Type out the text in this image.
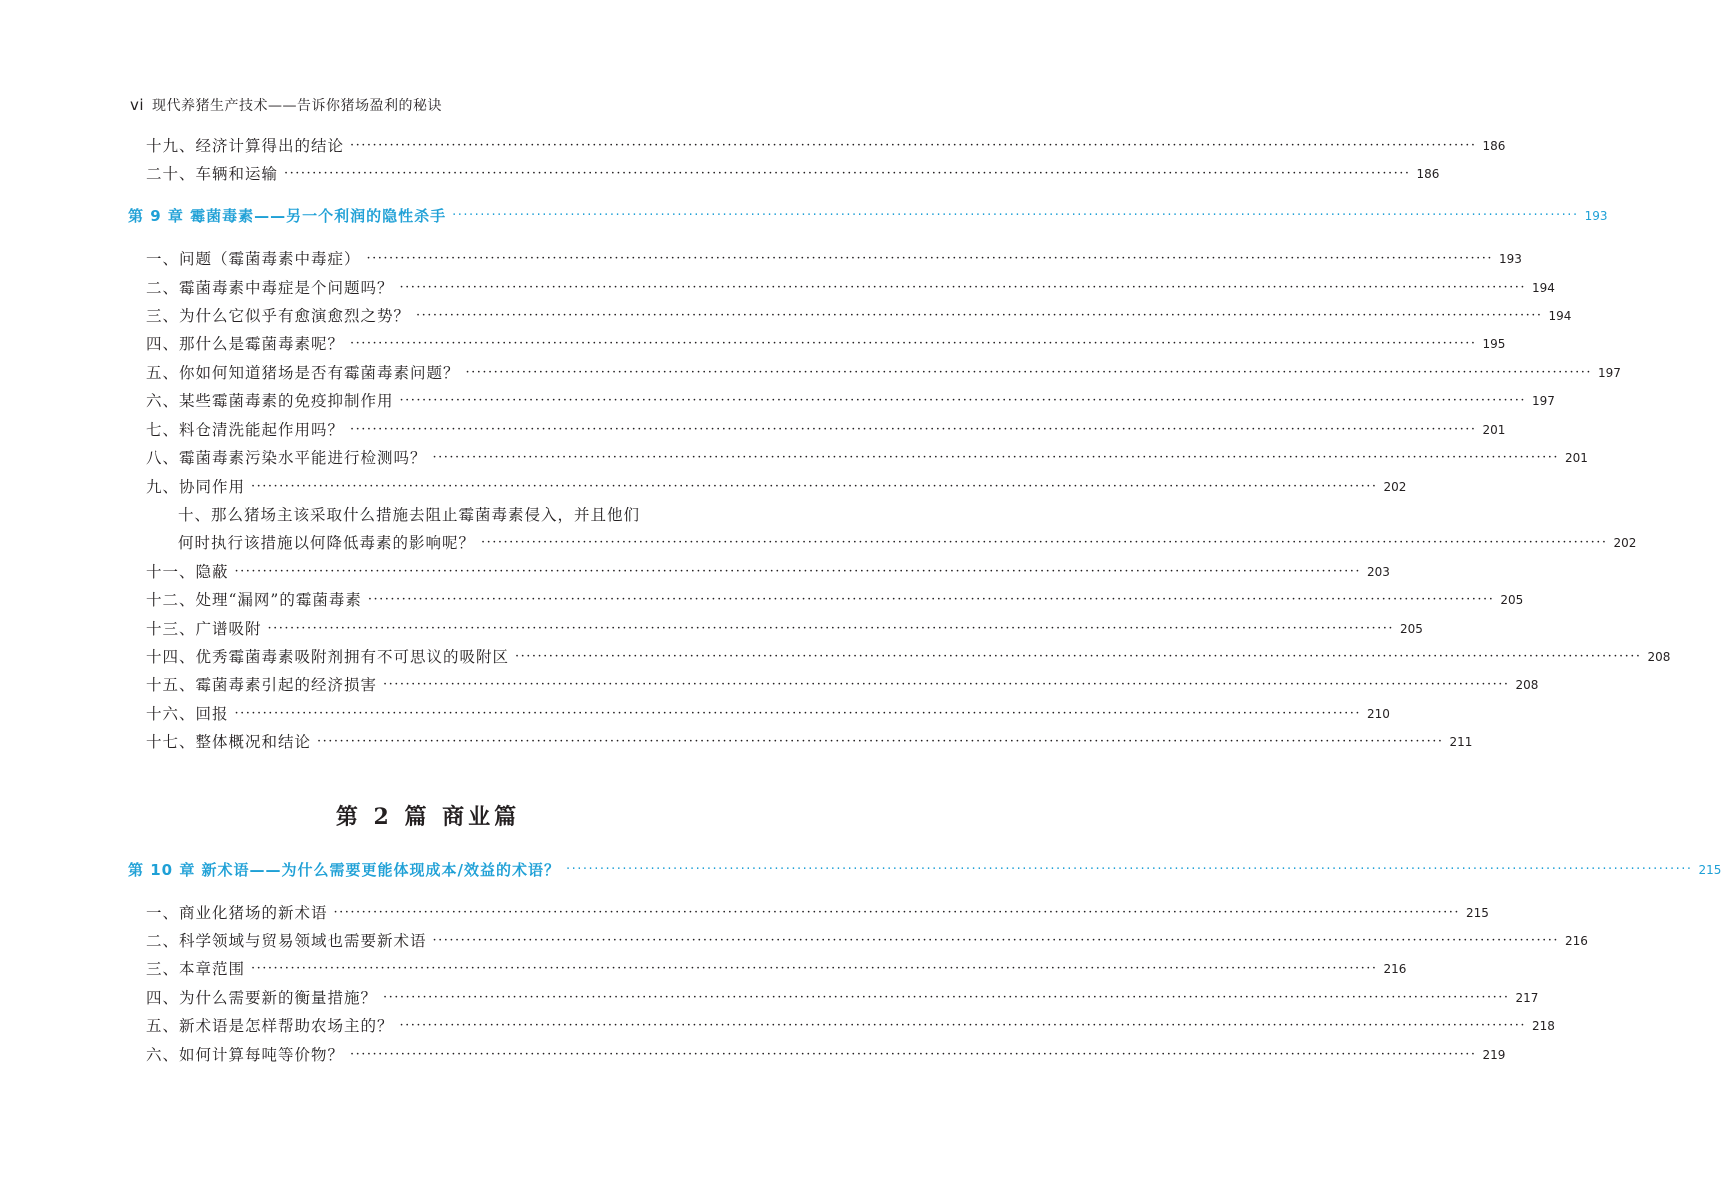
vi 现代养猪生产技术——告诉你猪场盈利的秘诀
十九、经济计算得出的结论 ········································································································································································································ 186
二十、车辆和运输 ········································································································································································································ 186
第 9 章 霉菌毒素——另一个利润的隐性杀手 ········································································································································································································ 193
一、问题（霉菌毒素中毒症） ········································································································································································································ 193
二、霉菌毒素中毒症是个问题吗？ ········································································································································································································ 194
三、为什么它似乎有愈演愈烈之势？ ········································································································································································································ 194
四、那什么是霉菌毒素呢？ ········································································································································································································ 195
五、你如何知道猪场是否有霉菌毒素问题？ ········································································································································································································ 197
六、某些霉菌毒素的免疫抑制作用 ········································································································································································································ 197
七、料仓清洗能起作用吗？ ········································································································································································································ 201
八、霉菌毒素污染水平能进行检测吗？ ········································································································································································································ 201
九、协同作用 ········································································································································································································ 202
十、那么猪场主该采取什么措施去阻止霉菌毒素侵入，并且他们
何时执行该措施以何降低毒素的影响呢？ ········································································································································································································ 202
十一、隐蔽 ········································································································································································································ 203
十二、处理“漏网”的霉菌毒素 ········································································································································································································ 205
十三、广谱吸附 ········································································································································································································ 205
十四、优秀霉菌毒素吸附剂拥有不可思议的吸附区 ········································································································································································································ 208
十五、霉菌毒素引起的经济损害 ········································································································································································································ 208
十六、回报 ········································································································································································································ 210
十七、整体概况和结论 ········································································································································································································ 211
第 2 篇 商业篇
第 10 章 新术语——为什么需要更能体现成本/效益的术语？ ········································································································································································································ 215
一、商业化猪场的新术语 ········································································································································································································ 215
二、科学领域与贸易领域也需要新术语 ········································································································································································································ 216
三、本章范围 ········································································································································································································ 216
四、为什么需要新的衡量措施？ ········································································································································································································ 217
五、新术语是怎样帮助农场主的？ ········································································································································································································ 218
六、如何计算每吨等价物？ ········································································································································································································ 219
